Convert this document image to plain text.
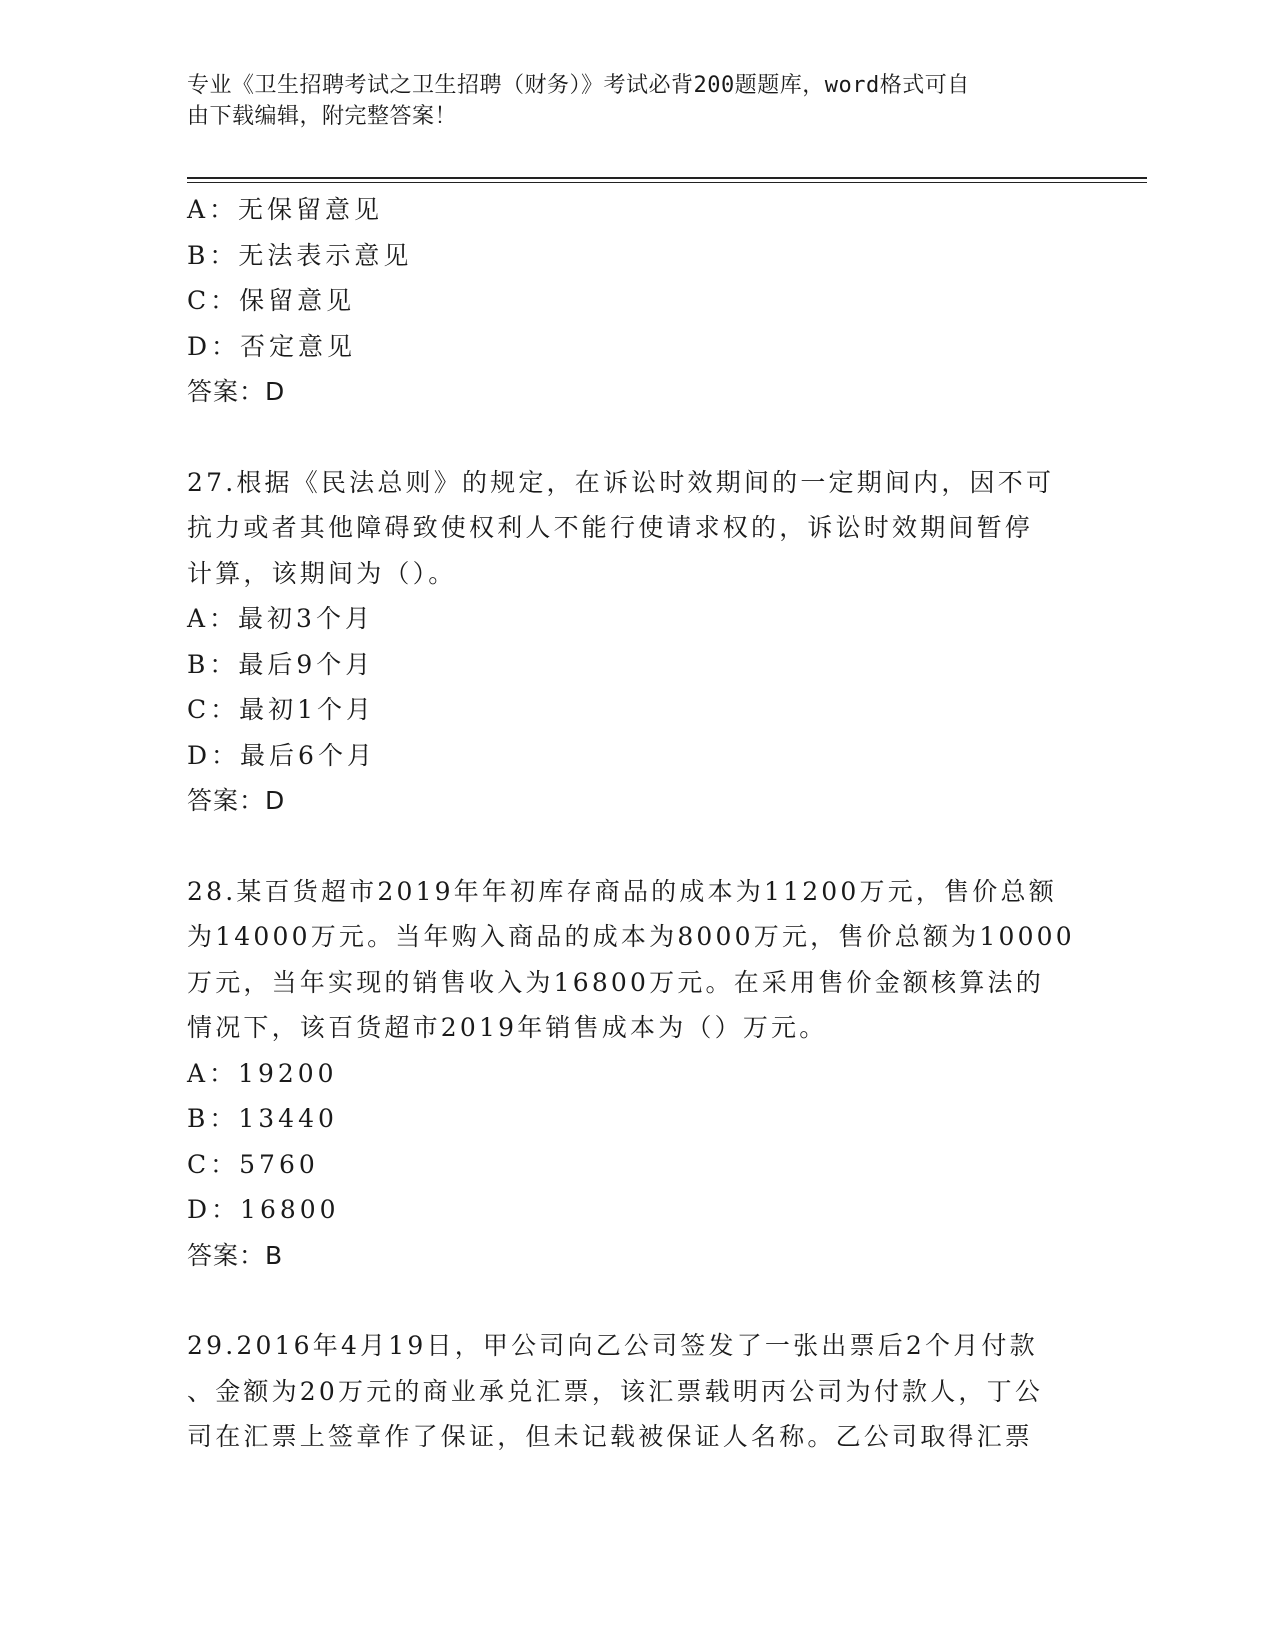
专业《卫生招聘考试之卫生招聘（财务）》考试必背200题题库，word格式可自
由下载编辑，附完整答案！
A：无保留意见
B：无法表示意见
C：保留意见
D：否定意见
答案：D
27.根据《民法总则》的规定，在诉讼时效期间的一定期间内，因不可
抗力或者其他障碍致使权利人不能行使请求权的，诉讼时效期间暂停
计算，该期间为（）。
A：最初3个月
B：最后9个月
C：最初1个月
D：最后6个月
答案：D
28.某百货超市2019年年初库存商品的成本为11200万元，售价总额
为14000万元。当年购入商品的成本为8000万元，售价总额为10000
万元，当年实现的销售收入为16800万元。在采用售价金额核算法的
情况下，该百货超市2019年销售成本为（）万元。
A：19200
B：13440
C：5760
D：16800
答案：B
29.2016年4月19日，甲公司向乙公司签发了一张出票后2个月付款
、金额为20万元的商业承兑汇票，该汇票载明丙公司为付款人，丁公
司在汇票上签章作了保证，但未记载被保证人名称。乙公司取得汇票
